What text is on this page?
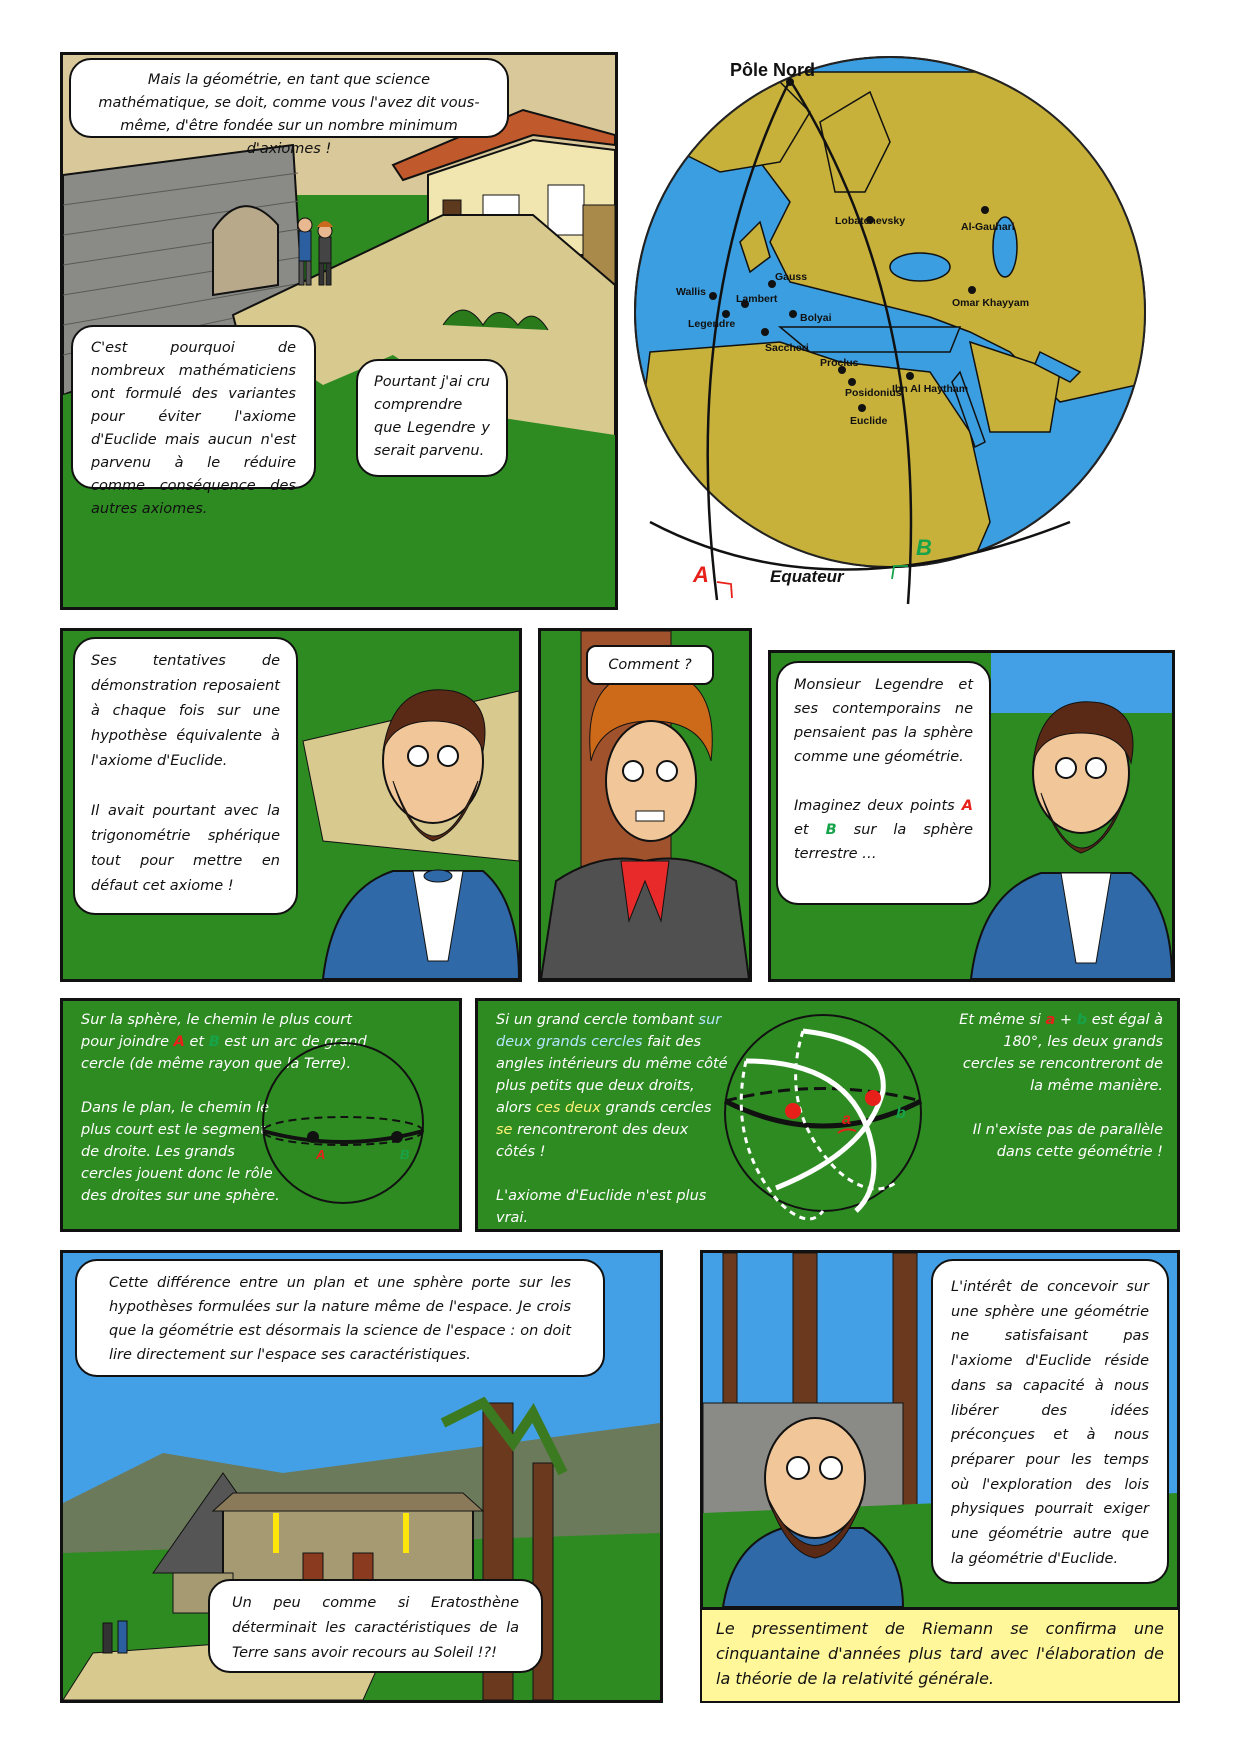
Mais la géométrie, en tant que science mathématique, se doit, comme vous l'avez dit vous-même, d'être fondée sur un nombre minimum d'axiomes !

C'est pourquoi de nombreux mathématiciens ont formulé des variantes pour éviter l'axiome d'Euclide mais aucun n'est parvenu à le réduire comme conséquence des autres axiomes.

Pourtant j'ai cru comprendre que Legendre y serait parvenu.

Pôle Nord
Equateur
A
B
Wallis
Legendre
Lambert
Gauss
Bolyai
Saccheri
Proclus
Posidonius
Euclide
Ibn Al Haytham
Omar Khayyam
Lobatchevsky	Al-Gauhari

Ses tentatives de démonstration reposaient à chaque fois sur une hypothèse équivalente à l'axiome d'Euclide.

Il avait pourtant avec la trigonométrie sphérique tout pour mettre en défaut cet axiome !

Comment ?

Monsieur Legendre et ses contemporains ne pensaient pas la sphère comme une géométrie.

Imaginez deux points A et B sur la sphère terrestre …

Sur la sphère, le chemin le plus court pour joindre A et B est un arc de grand cercle (de même rayon que la Terre).

Dans le plan, le chemin le plus court est le segment de droite. Les grands cercles jouent donc le rôle des droites sur une sphère.

A	B

Si un grand cercle tombant sur deux grands cercles fait des angles intérieurs du même côté plus petits que deux droits, alors ces deux grands cercles se rencontreront des deux côtés !

L'axiome d'Euclide n'est plus vrai.

a	b

Et même si a + b est égal à 180°, les deux grands cercles se rencontreront de la même manière.

Il n'existe pas de parallèle dans cette géométrie !

Cette différence entre un plan et une sphère porte sur les hypothèses formulées sur la nature même de l'espace. Je crois que la géométrie est désormais la science de l'espace : on doit lire directement sur l'espace ses caractéristiques.

Un peu comme si Eratosthène déterminait les caractéristiques de la Terre sans avoir recours au Soleil !?!

L'intérêt de concevoir sur une sphère une géométrie ne satisfaisant pas l'axiome d'Euclide réside dans sa capacité à nous libérer des idées préconçues et à nous préparer pour les temps où l'exploration des lois physiques pourrait exiger une géométrie autre que la géométrie d'Euclide.

Le pressentiment de Riemann se confirma une cinquantaine d'années plus tard avec l'élaboration de la théorie de la relativité générale.
